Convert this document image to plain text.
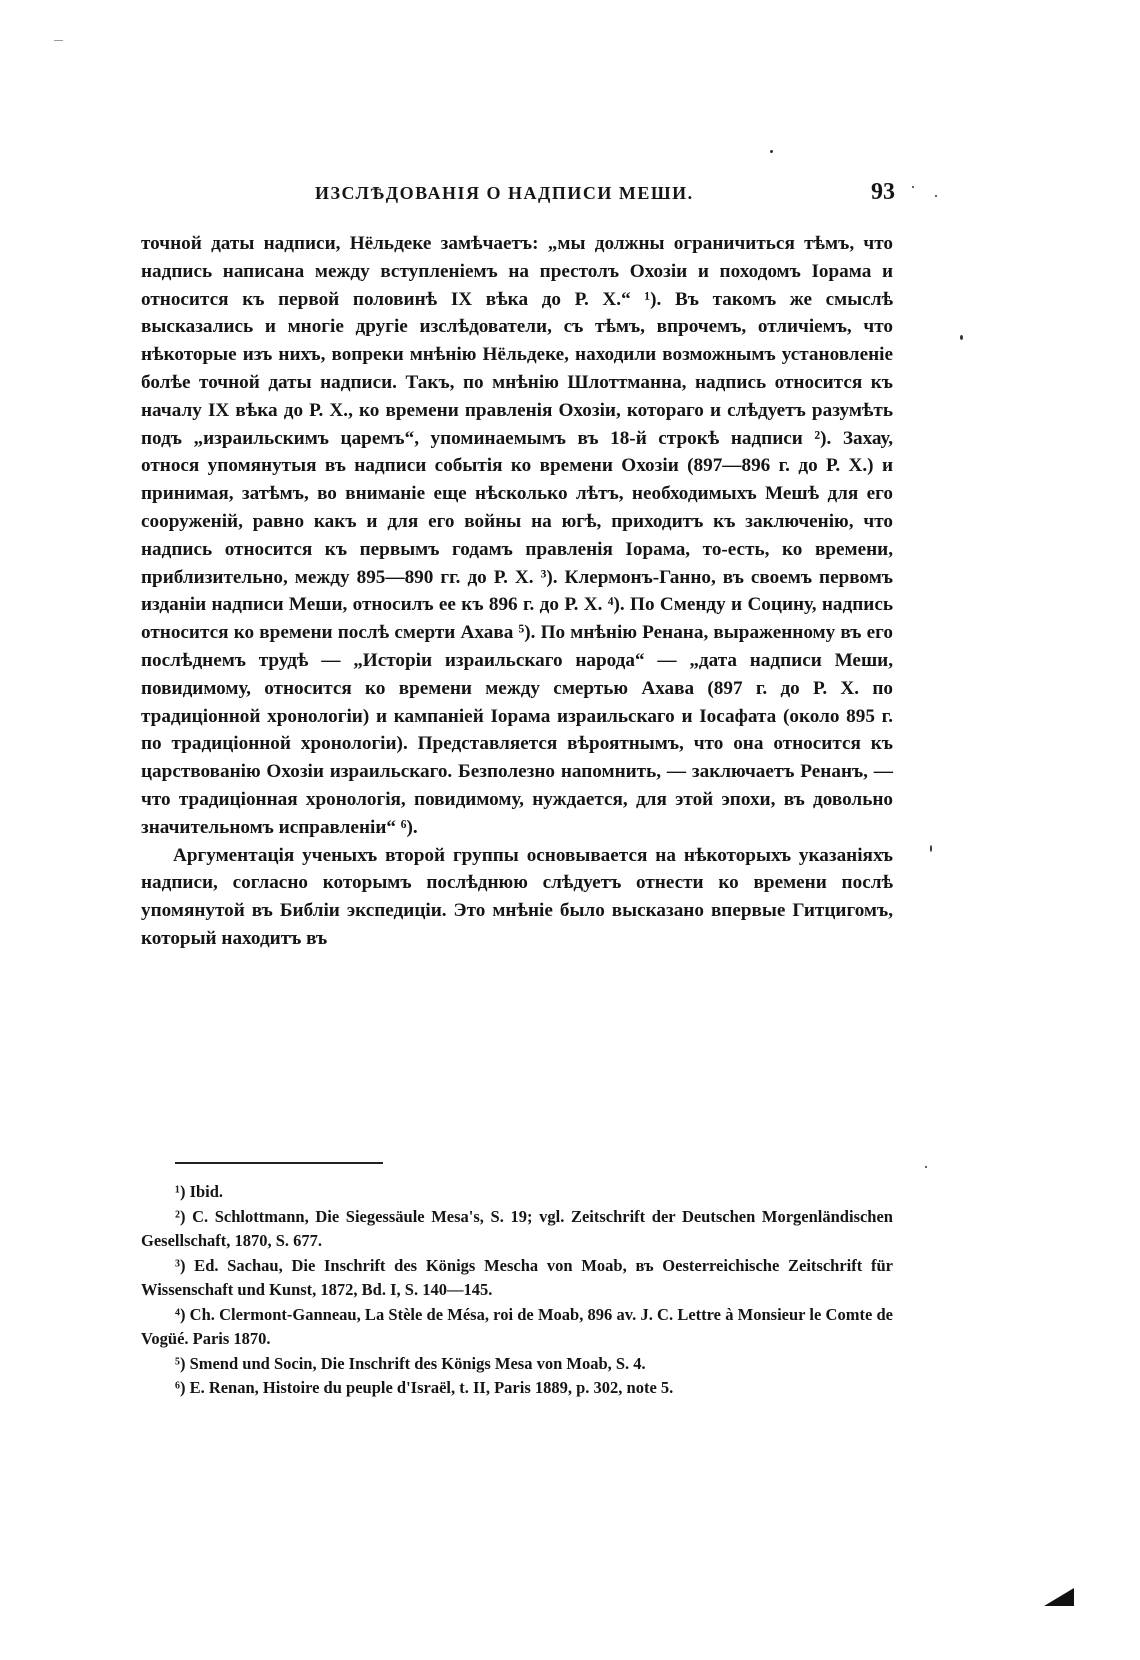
ИЗСЛѢДОВАНІЯ О НАДПИСИ МЕШИ.	93

точной даты надписи, Нёльдеке замѣчаетъ: „мы должны ограничиться тѣмъ, что надпись написана между вступленіемъ на престолъ Охозіи и походомъ Іорама и относится къ первой половинѣ IX вѣка до Р. Х.“ ¹). Въ такомъ же смыслѣ высказались и многіе другіе изслѣдователи, съ тѣмъ, впрочемъ, отличіемъ, что нѣкоторые изъ нихъ, вопреки мнѣнію Нёльдеке, находили возможнымъ установленіе болѣе точной даты надписи. Такъ, по мнѣнію Шлоттманна, надпись относится къ началу IX вѣка до Р. Х., ко времени правленія Охозіи, котораго и слѣдуетъ разумѣть подъ „израильскимъ царемъ“, упоминаемымъ въ 18-й строкѣ надписи ²). Захау, относя упомянутыя въ надписи событія ко времени Охозіи (897—896 г. до Р. Х.) и принимая, затѣмъ, во вниманіе еще нѣсколько лѣтъ, необходимыхъ Мешѣ для его сооруженій, равно какъ и для его войны на югѣ, приходитъ къ заключенію, что надпись относится къ первымъ годамъ правленія Іорама, то-есть, ко времени, приблизительно, между 895—890 гг. до Р. Х. ³). Клермонъ-Ганно, въ своемъ первомъ изданіи надписи Меши, относилъ ее къ 896 г. до Р. Х. ⁴). По Сменду и Социну, надпись относится ко времени послѣ смерти Ахава ⁵). По мнѣнію Ренана, выраженному въ его послѣднемъ трудѣ — „Исторіи израильскаго народа“ — „дата надписи Меши, повидимому, относится ко времени между смертью Ахава (897 г. до Р. Х. по традиціонной хронологіи) и кампаніей Іорама израильскаго и Іосафата (около 895 г. по традиціонной хронологіи). Представляется вѣроятнымъ, что она относится къ царствованію Охозіи израильскаго. Безполезно напомнить, — заключаетъ Ренанъ, — что традиціонная хронологія, повидимому, нуждается, для этой эпохи, въ довольно значительномъ исправленіи“ ⁶).

Аргументація ученыхъ второй группы основывается на нѣкоторыхъ указаніяхъ надписи, согласно которымъ послѣднюю слѣдуетъ отнести ко времени послѣ упомянутой въ Библіи экспедиціи. Это мнѣніе было высказано впервые Гитцигомъ, который находитъ въ

¹) Ibid.

²) C. Schlottmann, Die Siegessäule Mesa's, S. 19; vgl. Zeitschrift der Deutschen Morgenländischen Gesellschaft, 1870, S. 677.

³) Ed. Sachau, Die Inschrift des Königs Mescha von Moab, въ Oesterreichische Zeitschrift für Wissenschaft und Kunst, 1872, Bd. I, S. 140—145.

⁴) Ch. Clermont-Ganneau, La Stèle de Mésa, roi de Moab, 896 av. J. C. Lettre à Monsieur le Comte de Vogüé. Paris 1870.

⁵) Smend und Socin, Die Inschrift des Königs Mesa von Moab, S. 4.

⁶) E. Renan, Histoire du peuple d'Israël, t. II, Paris 1889, p. 302, note 5.
